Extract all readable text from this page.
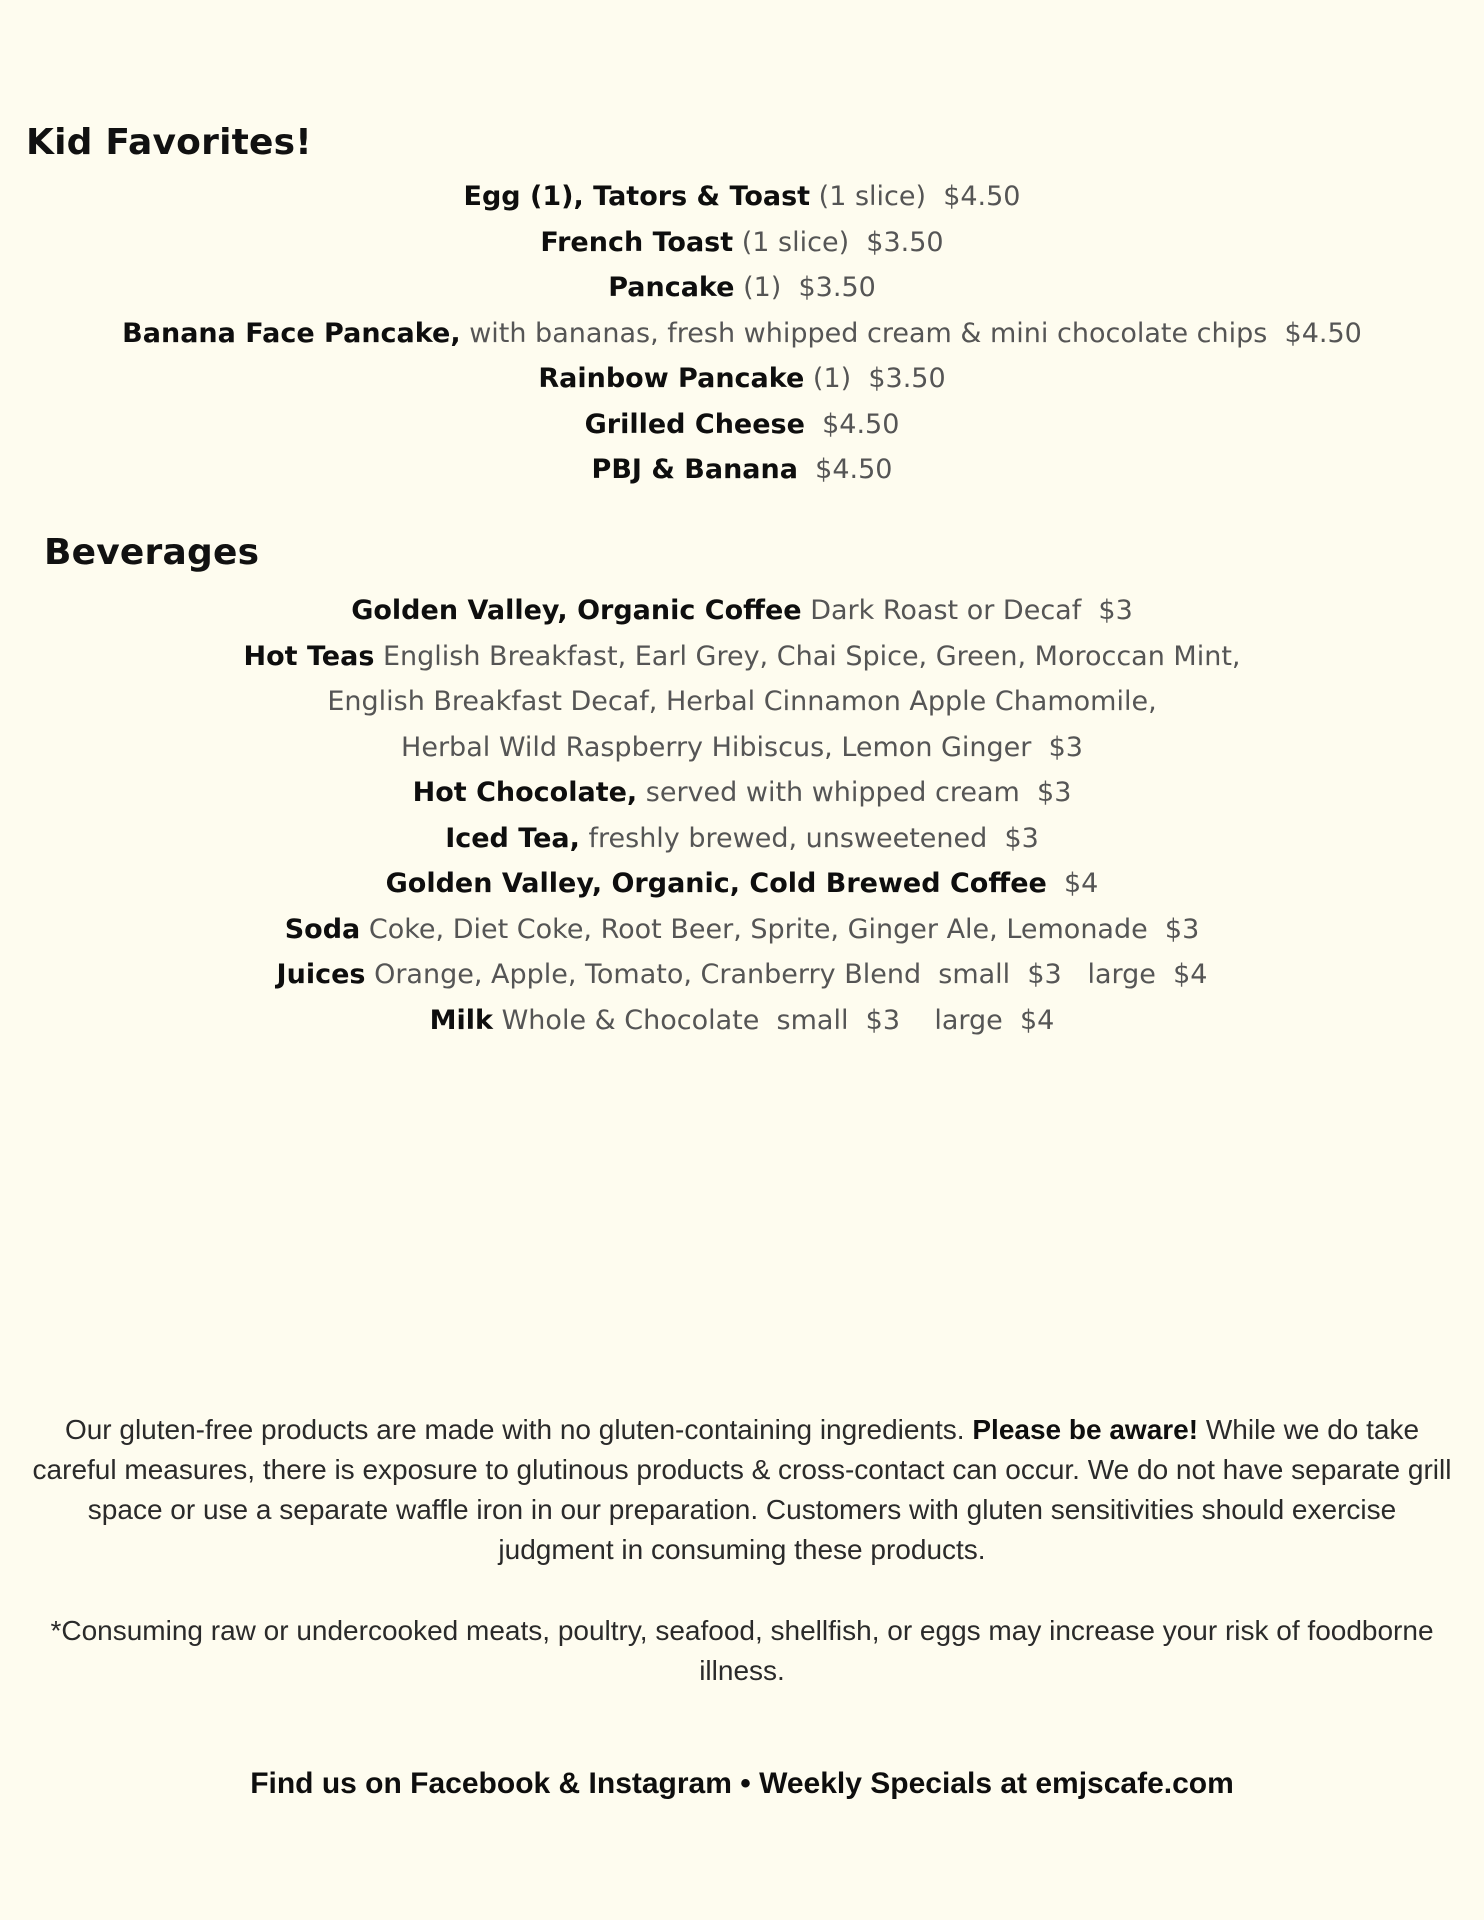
Kid Favorites!
Egg (1), Tators & Toast (1 slice) $4.50
French Toast (1 slice) $3.50
Pancake (1) $3.50
Banana Face Pancake, with bananas, fresh whipped cream & mini chocolate chips $4.50
Rainbow Pancake (1) $3.50
Grilled Cheese $4.50
PBJ & Banana $4.50
Beverages
Golden Valley, Organic Coffee Dark Roast or Decaf $3
Hot Teas English Breakfast, Earl Grey, Chai Spice, Green, Moroccan Mint,
English Breakfast Decaf, Herbal Cinnamon Apple Chamomile,
Herbal Wild Raspberry Hibiscus, Lemon Ginger $3
Hot Chocolate, served with whipped cream $3
Iced Tea, freshly brewed, unsweetened $3
Golden Valley, Organic, Cold Brewed Coffee $4
Soda Coke, Diet Coke, Root Beer, Sprite, Ginger Ale, Lemonade $3
Juices Orange, Apple, Tomato, Cranberry Blend small $3 large $4
Milk Whole & Chocolate small $3 large $4

Our gluten-free products are made with no gluten-containing ingredients. Please be aware! While we do take careful measures, there is exposure to glutinous products & cross-contact can occur. We do not have separate grill space or use a separate waffle iron in our preparation. Customers with gluten sensitivities should exercise judgment in consuming these products.

*Consuming raw or undercooked meats, poultry, seafood, shellfish, or eggs may increase your risk of foodborne illness.

Find us on Facebook & Instagram • Weekly Specials at emjscafe.com
